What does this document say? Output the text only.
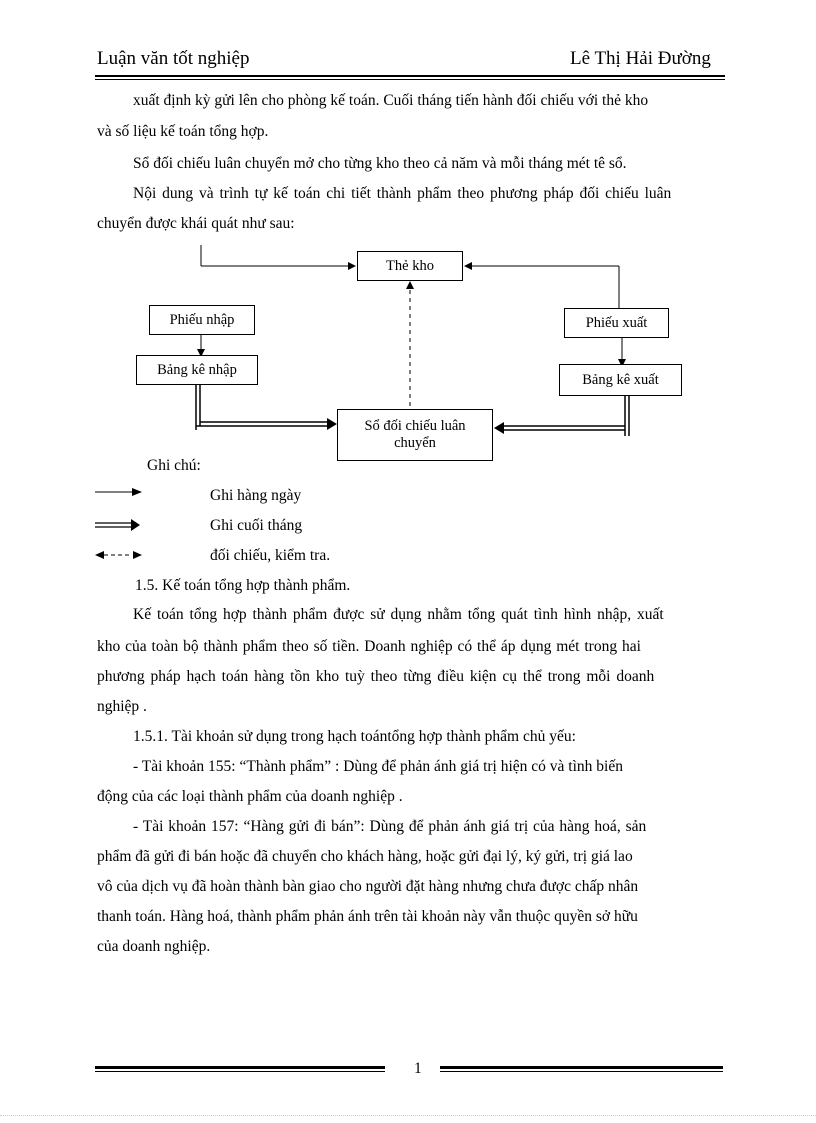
Luận văn tốt nghiệp	Lê Thị Hải Đường
xuất định kỳ gửi lên cho phòng kế toán. Cuối tháng tiến hành đối chiếu với thẻ kho
và số liệu kế toán tổng hợp.
Sổ đối chiếu luân chuyển mở cho từng kho theo cả năm và mỗi tháng mét tê sổ.
Nội dung và trình tự kế toán chi tiết thành phẩm theo phương pháp đối chiếu luân
chuyển được khái quát như sau:
Thẻ kho
Phiếu nhập
Bảng kê nhập
Phiếu xuất
Bảng kê xuất
Sổ đối chiếu luân
chuyển
Ghi chú:
Ghi hàng ngày
Ghi cuối tháng
đối chiếu, kiểm tra.
1.5. Kế toán tổng hợp thành phẩm.
Kế toán tổng hợp thành phẩm được sử dụng nhằm tổng quát tình hình nhập, xuất
kho của toàn bộ thành phẩm theo số tiền. Doanh nghiệp có thể áp dụng mét trong hai
phương pháp hạch toán hàng tồn kho tuỳ theo từng điều kiện cụ thể trong mỗi doanh
nghiệp .
1.5.1. Tài khoản sử dụng trong hạch toántổng hợp thành phẩm chủ yếu:
- Tài khoản 155: “Thành phẩm” : Dùng để phản ánh giá trị hiện có và tình biến
động của các loại thành phẩm của doanh nghiệp .
- Tài khoản 157: “Hàng gửi đi bán”: Dùng để phản ánh giá trị của hàng hoá, sản
phẩm đã gửi đi bán hoặc đã chuyển cho khách hàng, hoặc gửi đại lý, ký gửi, trị giá lao
vô của dịch vụ đã hoàn thành bàn giao cho người đặt hàng nhưng chưa được chấp nhân
thanh toán. Hàng hoá, thành phẩm phản ánh trên tài khoản này vẫn thuộc quyền sở hữu
của doanh nghiệp.
1
